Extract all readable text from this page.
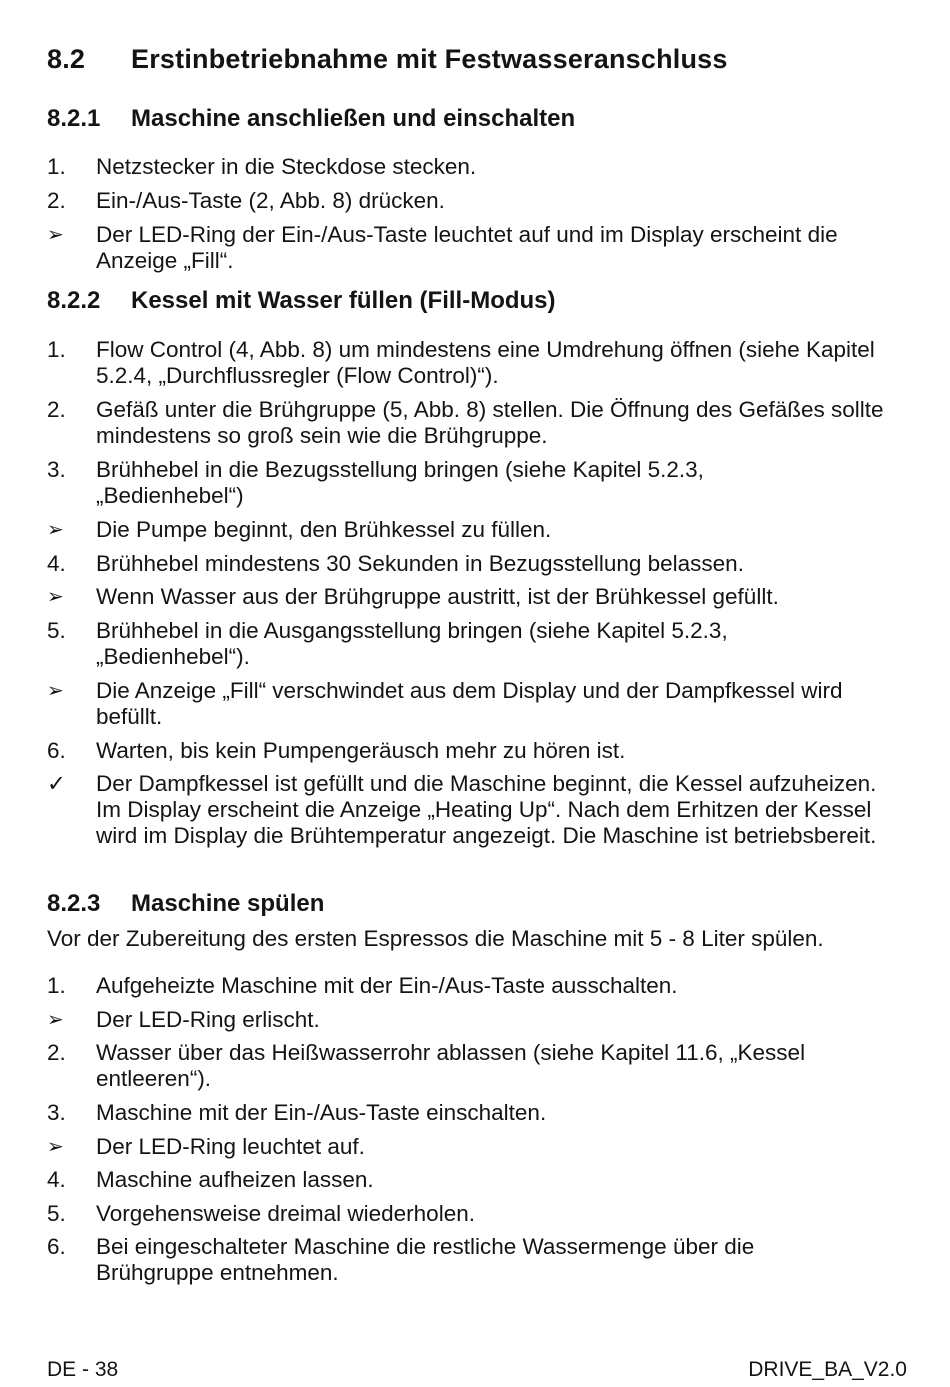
8.2 Erstinbetriebnahme mit Festwasseranschluss
8.2.1 Maschine anschließen und einschalten
1.	Netzstecker in die Steckdose stecken.
2.	Ein-/Aus-Taste (2, Abb. 8) drücken.
➢	Der LED-Ring der Ein-/Aus-Taste leuchtet auf und im Display erscheint die Anzeige „Fill“.
8.2.2 Kessel mit Wasser füllen (Fill-Modus)
1.	Flow Control (4, Abb. 8) um mindestens eine Umdrehung öffnen (siehe Kapitel 5.2.4, „Durchflussregler (Flow Control)“).
2.	Gefäß unter die Brühgruppe (5, Abb. 8) stellen. Die Öffnung des Gefäßes sollte mindestens so groß sein wie die Brühgruppe.
3.	Brühhebel in die Bezugsstellung bringen (siehe Kapitel 5.2.3, „Bedienhebel“)
➢	Die Pumpe beginnt, den Brühkessel zu füllen.
4.	Brühhebel mindestens 30 Sekunden in Bezugsstellung belassen.
➢	Wenn Wasser aus der Brühgruppe austritt, ist der Brühkessel gefüllt.
5.	Brühhebel in die Ausgangsstellung bringen (siehe Kapitel 5.2.3, „Bedienhebel“).
➢	Die Anzeige „Fill“ verschwindet aus dem Display und der Dampfkessel wird befüllt.
6.	Warten, bis kein Pumpengeräusch mehr zu hören ist.
✓	Der Dampfkessel ist gefüllt und die Maschine beginnt, die Kessel aufzuheizen. Im Display erscheint die Anzeige „Heating Up“. Nach dem Erhitzen der Kessel wird im Display die Brühtemperatur angezeigt. Die Maschine ist betriebsbereit.
8.2.3 Maschine spülen
Vor der Zubereitung des ersten Espressos die Maschine mit 5 - 8 Liter spülen.
1.	Aufgeheizte Maschine mit der Ein-/Aus-Taste ausschalten.
➢	Der LED-Ring erlischt.
2.	Wasser über das Heißwasserrohr ablassen (siehe Kapitel 11.6, „Kessel entleeren“).
3.	Maschine mit der Ein-/Aus-Taste einschalten.
➢	Der LED-Ring leuchtet auf.
4.	Maschine aufheizen lassen.
5.	Vorgehensweise dreimal wiederholen.
6.	Bei eingeschalteter Maschine die restliche Wassermenge über die Brühgruppe entnehmen.
DE - 38	DRIVE_BA_V2.0
